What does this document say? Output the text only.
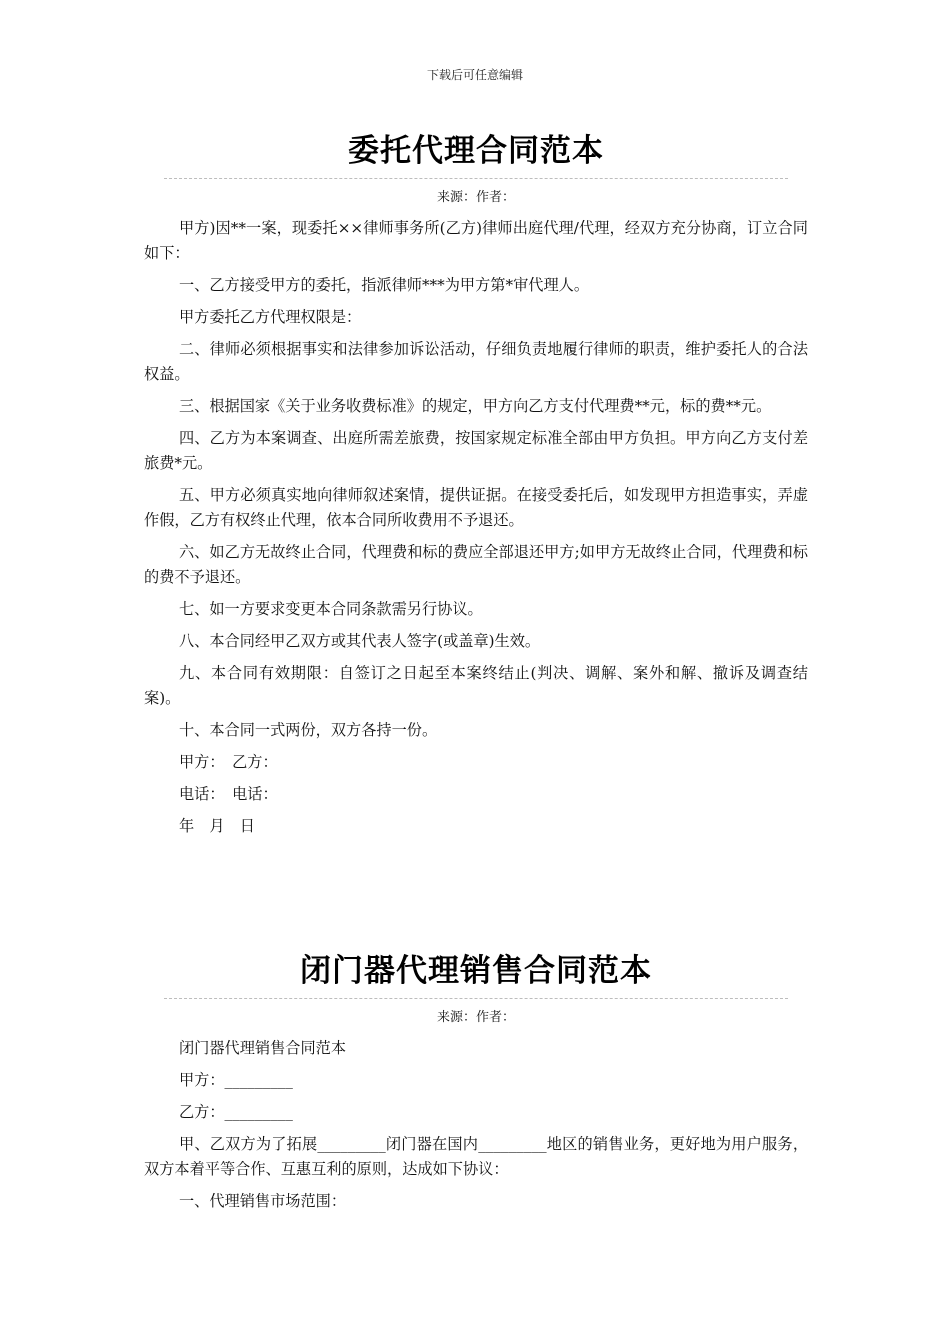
下载后可任意编辑
委托代理合同范本
来源：作者：

甲方)因**一案，现委托××律师事务所(乙方)律师出庭代理/代理，经双方充分协商，订立合同如下：

一、乙方接受甲方的委托，指派律师***为甲方第*审代理人。

甲方委托乙方代理权限是：

二、律师必须根据事实和法律参加诉讼活动，仔细负责地履行律师的职责，维护委托人的合法权益。

三、根据国家《关于业务收费标准》的规定，甲方向乙方支付代理费**元，标的费**元。

四、乙方为本案调查、出庭所需差旅费，按国家规定标准全部由甲方负担。甲方向乙方支付差旅费*元。

五、甲方必须真实地向律师叙述案情，提供证据。在接受委托后，如发现甲方担造事实，弄虚作假，乙方有权终止代理，依本合同所收费用不予退还。

六、如乙方无故终止合同，代理费和标的费应全部退还甲方;如甲方无故终止合同，代理费和标的费不予退还。

七、如一方要求变更本合同条款需另行协议。

八、本合同经甲乙双方或其代表人签字(或盖章)生效。

九、本合同有效期限：自签订之日起至本案终结止(判决、调解、案外和解、撤诉及调查结案)。

十、本合同一式两份，双方各持一份。

甲方：　乙方：

电话：　电话：

年　月　日

闭门器代理销售合同范本
来源：作者：

闭门器代理销售合同范本

甲方：_________

乙方：_________

甲、乙双方为了拓展_________闭门器在国内_________地区的销售业务，更好地为用户服务，双方本着平等合作、互惠互利的原则，达成如下协议：

一、代理销售市场范围：
